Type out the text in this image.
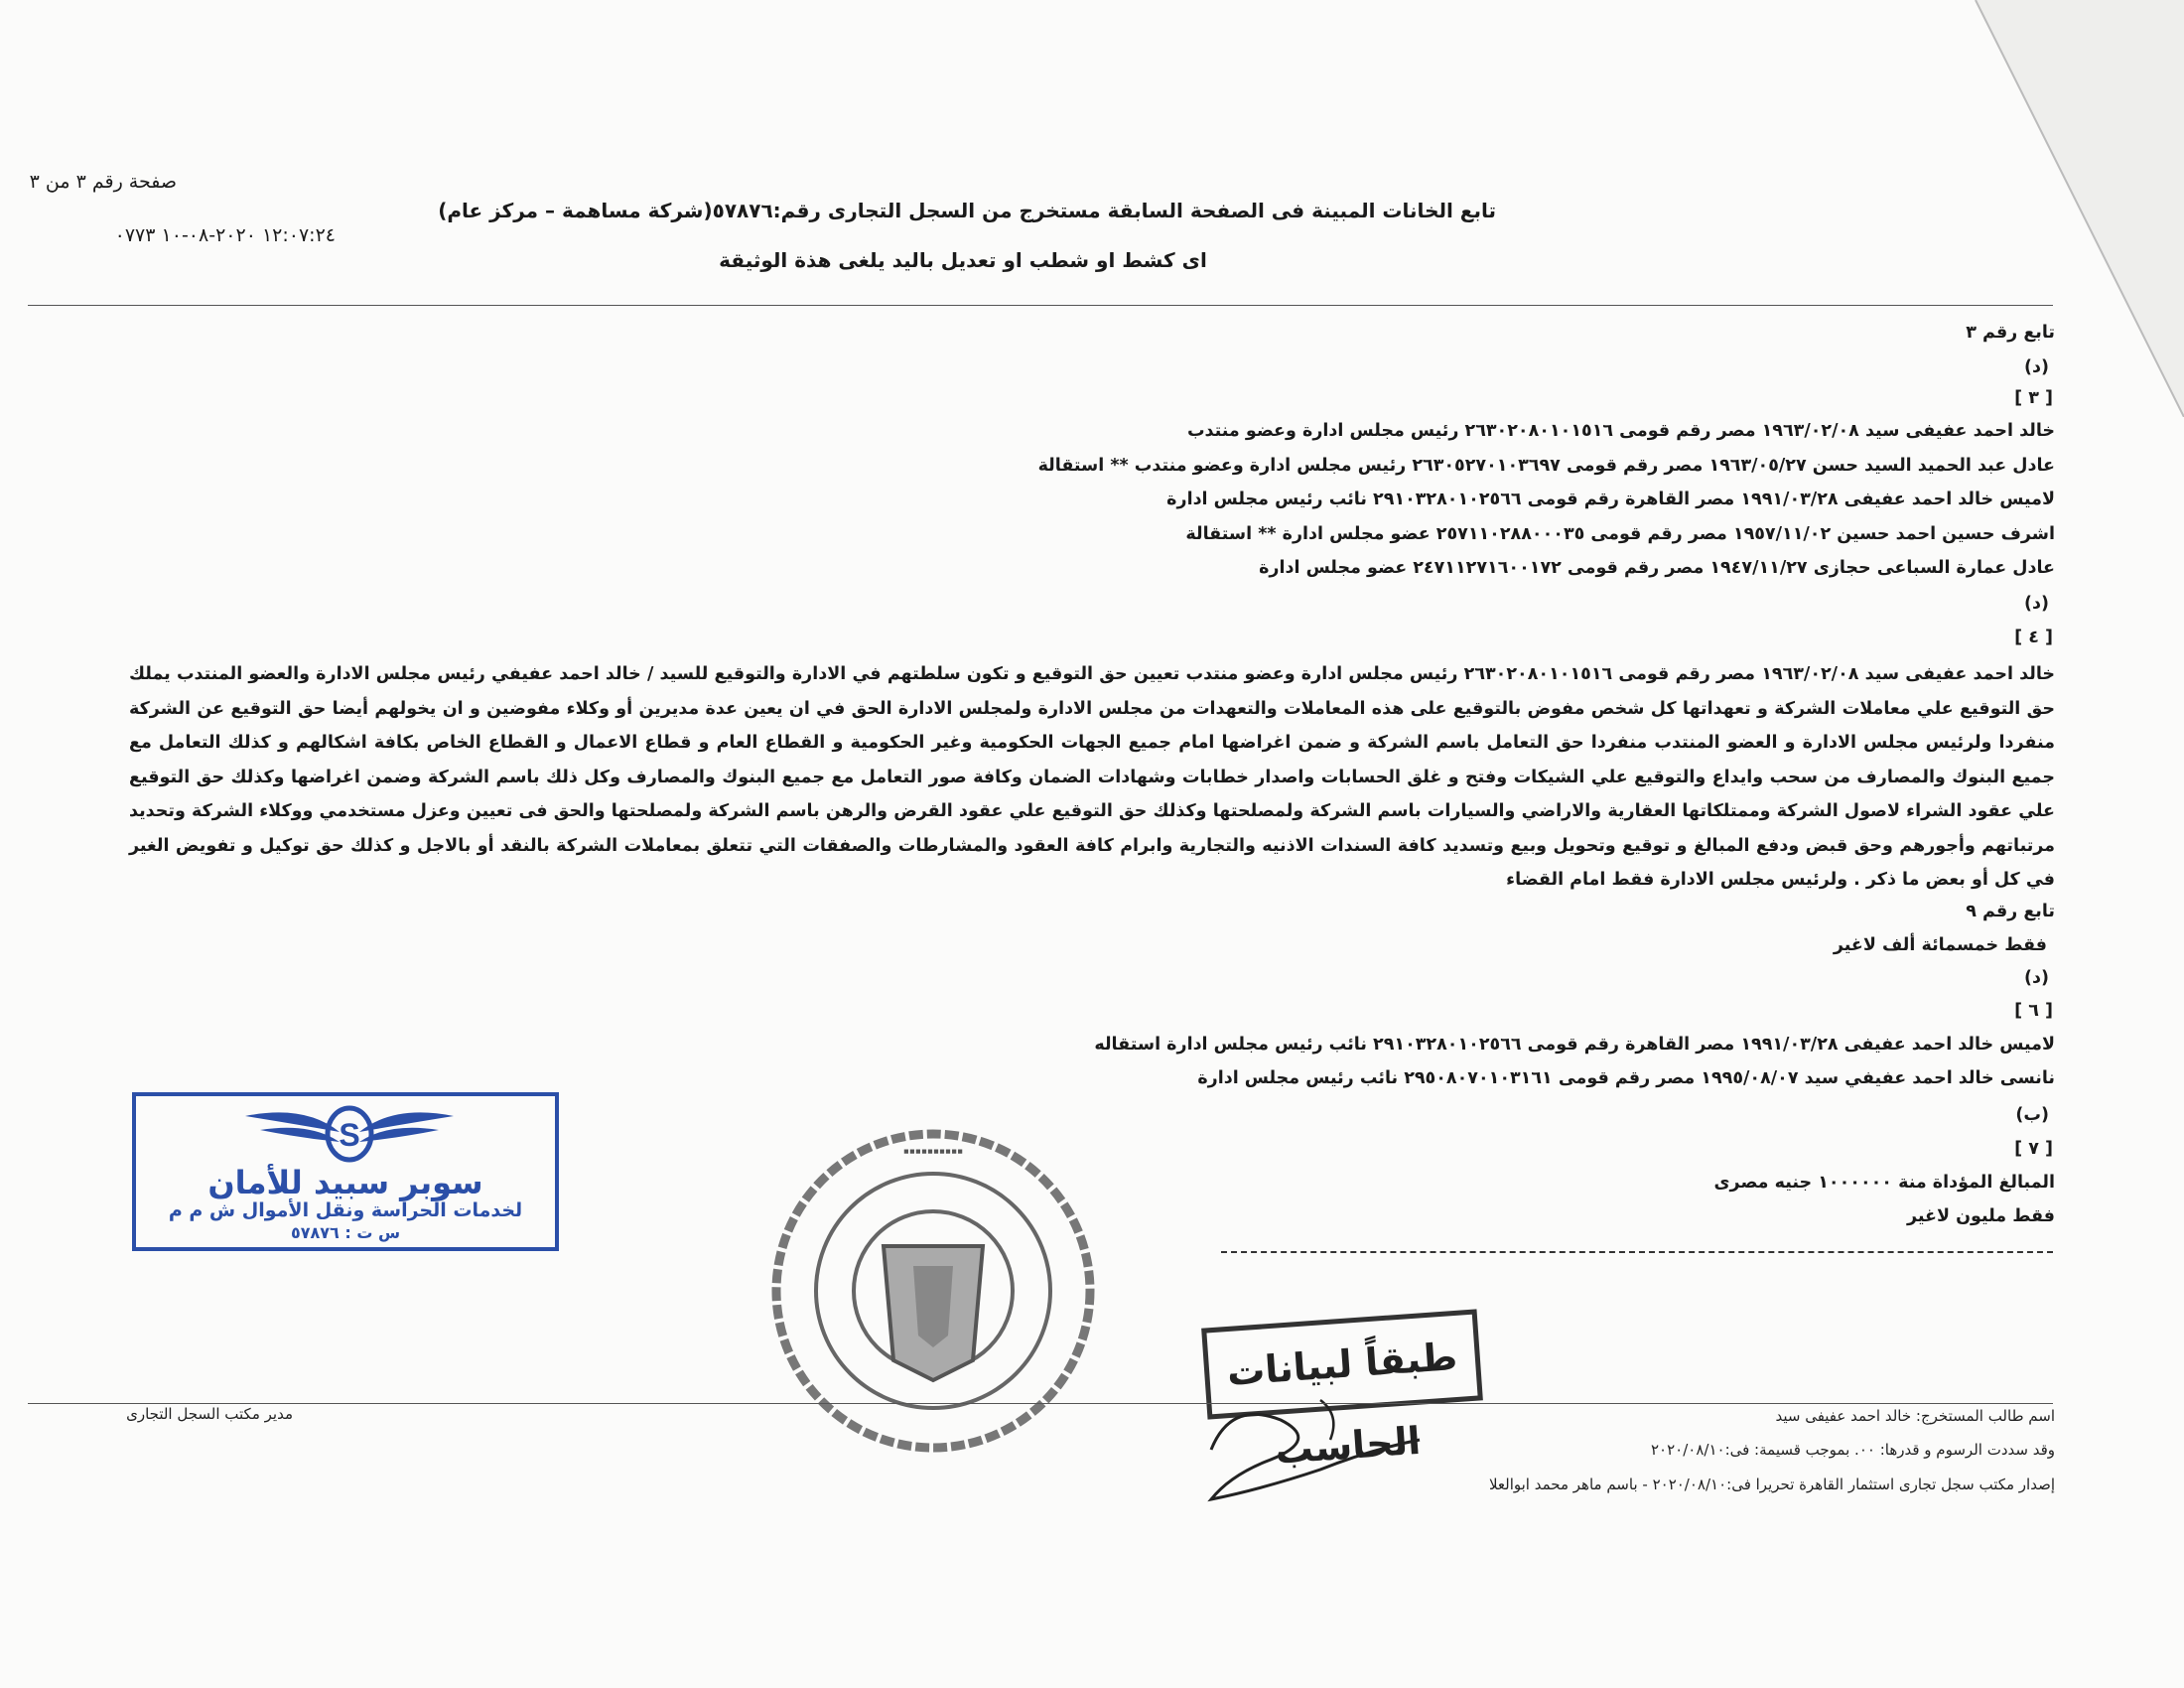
صفحة رقم ٣ من ٣
١٢:٠٧:٢٤ ٢٠٢٠-٠٨-١٠ ٠٧٧٣
تابع الخانات المبينة فى الصفحة السابقة مستخرج من السجل التجارى رقم:٥٧٨٧٦(شركة مساهمة – مركز عام)
اى كشط او شطب او تعديل باليد يلغى هذة الوثيقة
تابع رقم ٣
(د)
[ ٣ ]
خالد احمد عفيفى سيد ١٩٦٣/٠٢/٠٨ مصر رقم قومى ٢٦٣٠٢٠٨٠١٠١٥١٦ رئيس مجلس ادارة وعضو منتدب
عادل عبد الحميد السيد حسن ١٩٦٣/٠٥/٢٧ مصر رقم قومى ٢٦٣٠٥٢٧٠١٠٣٦٩٧ رئيس مجلس ادارة وعضو منتدب ** استقالة
لاميس خالد احمد عفيفى ١٩٩١/٠٣/٢٨ مصر القاهرة رقم قومى ٢٩١٠٣٢٨٠١٠٢٥٦٦ نائب رئيس مجلس ادارة
اشرف حسين احمد حسين ١٩٥٧/١١/٠٢ مصر رقم قومى ٢٥٧١١٠٢٨٨٠٠٠٣٥ عضو مجلس ادارة ** استقالة
عادل عمارة السباعى حجازى ١٩٤٧/١١/٢٧ مصر رقم قومى ٢٤٧١١٢٧١٦٠٠١٧٢ عضو مجلس ادارة
(د)
[ ٤ ]
خالد احمد عفيفى سيد ١٩٦٣/٠٢/٠٨ مصر رقم قومى ٢٦٣٠٢٠٨٠١٠١٥١٦ رئيس مجلس ادارة وعضو منتدب تعيين حق التوقيع و تكون سلطتهم في الادارة والتوقيع للسيد / خالد احمد عفيفي رئيس مجلس الادارة والعضو المنتدب يملك حق التوقيع علي معاملات الشركة و تعهداتها كل شخص مفوض بالتوقيع على هذه المعاملات والتعهدات من مجلس الادارة ولمجلس الادارة الحق في ان يعين عدة مديرين أو وكلاء مفوضين و ان يخولهم أيضا حق التوقيع عن الشركة منفردا ولرئيس مجلس الادارة و العضو المنتدب منفردا حق التعامل باسم الشركة و ضمن اغراضها امام جميع الجهات الحكومية وغير الحكومية و القطاع العام و قطاع الاعمال و القطاع الخاص بكافة اشكالهم و كذلك التعامل مع جميع البنوك والمصارف من سحب وايداع والتوقيع علي الشيكات وفتح و غلق الحسابات واصدار خطابات وشهادات الضمان وكافة صور التعامل مع جميع البنوك والمصارف وكل ذلك باسم الشركة وضمن اغراضها وكذلك حق التوقيع علي عقود الشراء لاصول الشركة وممتلكاتها العقارية والاراضي والسيارات باسم الشركة ولمصلحتها وكذلك حق التوقيع علي عقود القرض والرهن باسم الشركة ولمصلحتها والحق فى تعيين وعزل مستخدمي ووكلاء الشركة وتحديد مرتباتهم وأجورهم وحق قبض ودفع المبالغ و توقيع وتحويل وبيع وتسديد كافة السندات الاذنيه والتجارية وابرام كافة العقود والمشارطات والصفقات التي تتعلق بمعاملات الشركة بالنقد أو بالاجل و كذلك حق توكيل و تفويض الغير في كل أو بعض ما ذكر . ولرئيس مجلس الادارة فقط امام القضاء
تابع رقم ٩
فقط خمسمائة ألف لاغير
(د)
[ ٦ ]
لاميس خالد احمد عفيفى ١٩٩١/٠٣/٢٨ مصر القاهرة رقم قومى ٢٩١٠٣٢٨٠١٠٢٥٦٦ نائب رئيس مجلس ادارة استقاله
نانسى خالد احمد عفيفي سيد ١٩٩٥/٠٨/٠٧ مصر رقم قومى ٢٩٥٠٨٠٧٠١٠٣١٦١ نائب رئيس مجلس ادارة
(ب)
[ ٧ ]
المبالغ المؤداة منة ١٠٠٠٠٠٠ جنيه مصرى
فقط مليون لاغير
S
سوبر سبيد للأمان
لخدمات الحراسة ونقل الأموال ش م م
س ت : ٥٧٨٧٦
▪▪▪▪▪▪▪▪▪▪
طبقاً لبيانات الحاسب
مدير مكتب السجل التجارى	اسم طالب المستخرج: خالد احمد عفيفى سيد
وقد سددت الرسوم و قدرها: ٠٠. بموجب قسيمة: فى:٢٠٢٠/٠٨/١٠
إصدار مكتب سجل تجارى استثمار القاهرة تحريرا فى:٢٠٢٠/٠٨/١٠ - باسم ماهر محمد ابوالعلا
